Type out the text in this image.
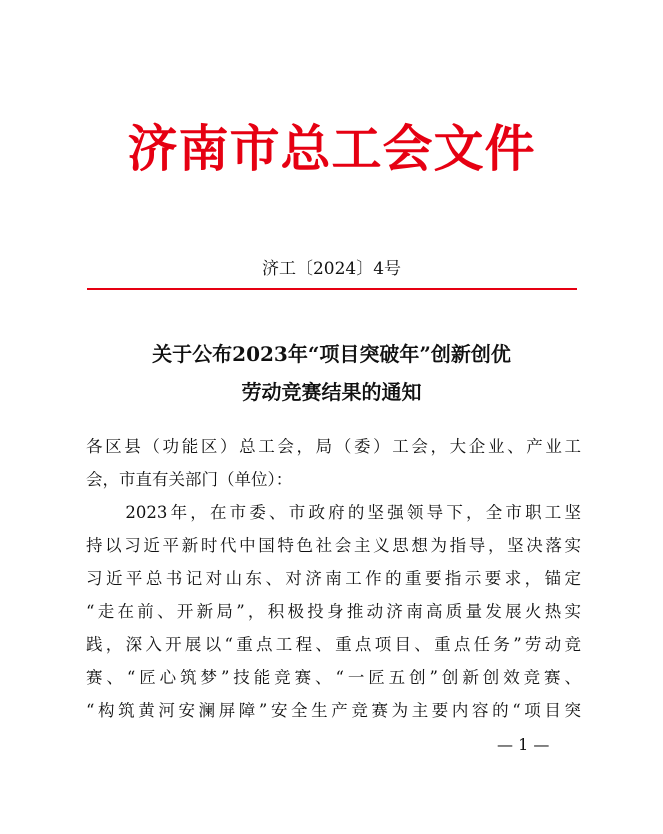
济南市总工会文件
济工〔2024〕4号
关于公布2023年“项目突破年”创新创优
劳动竞赛结果的通知
各区县（功能区）总工会，局（委）工会，大企业、产业工
会，市直有关部门（单位）：
　　2023年，在市委、市政府的坚强领导下，全市职工坚
持以习近平新时代中国特色社会主义思想为指导，坚决落实
习近平总书记对山东、对济南工作的重要指示要求，锚定
“走在前、开新局”，积极投身推动济南高质量发展火热实
践，深入开展以“重点工程、重点项目、重点任务”劳动竞
赛、“匠心筑梦”技能竞赛、“一匠五创”创新创效竞赛、
“构筑黄河安澜屏障”安全生产竞赛为主要内容的“项目突
— 1 —
